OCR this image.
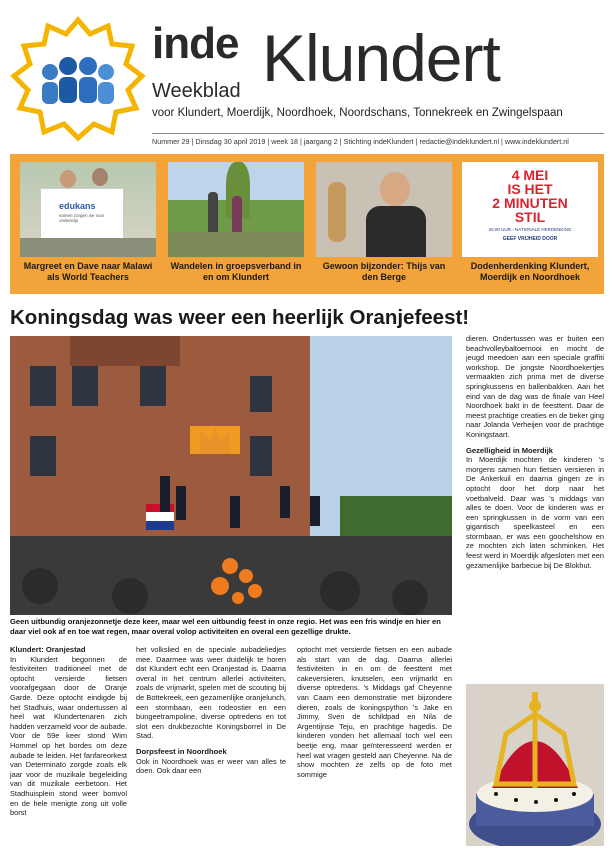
inde Klundert
Weekblad
voor Klundert, Moerdijk, Noordhoek, Noordschans, Tonnekreek en Zwingelspaan
Nummer 29 | Dinsdag 30 april 2019 | week 18 | jaargang 2 | Stichting indeKlundert | redactie@indeklundert.nl | www.indeklundert.nl
edukans
samen zorgen we voor onderwijs
Margreet en Dave naar Malawi als World Teachers
Wandelen in groepsverband in en om Klundert
Gewoon bijzonder: Thijs van den Berge
4 MEI
IS HET
2 MINUTEN
STIL
20.00 UUR - NATIONALE HERDENKING
GEEF VRIJHEID DOOR
Dodenherdenking Klundert, Moerdijk en Noordhoek
Koningsdag was weer een heerlijk Oranjefeest!
Geen uitbundig oranjezonnetje deze keer, maar wel een uitbundig feest in onze regio. Het was een fris windje en hier en daar viel ook af en toe wat regen, maar overal volop activiteiten en overal een gezellige drukte.
Klundert: Oranjestad

In Klundert begonnen de festiviteiten traditioneel met de optocht versierde fietsen voorafgegaan door de Oranje Garde. Deze optocht eindigde bij het Stadhuis, waar ondertussen al heel wat Klundertenaren zich hadden verzameld voor de aubade. Voor de 59e keer stond Wim Hommel op het bordes om deze aubade te leiden. Het fanfareorkest van Determinato zorgde zoals elk jaar voor de muzikale begeleiding van dit muzikale eerbetoon. Het Stadhuisplein stond weer bomvol en de hele menigte zong uit volle borst

het volkslied en de speciale aubadeliedjes mee. Daarmee was weer duidelijk te horen dat Klundert echt een Oranjestad is. Daarna overal in het centrum allerlei activiteiten, zoals de vrijmarkt, spelen met de scouting bij de Bottekreek, een gezamenlijke oranjelunch, een stormbaan, een rodeostier en een bungeetrampoline, diverse optredens en tot slot een drukbezochte Koningsborrel in De Stad.

Dorpsfeest in Noordhoek

Ook in Noordhoek was er weer van alles te doen. Ook daar een

optocht met versierde fietsen en een aubade als start van de dag. Daarna allerlei festiviteiten in en om de feesttent met cakeversieren, knutselen, een vrijmarkt en diverse optredens. 's Middags gaf Cheyenne van Caam een demonstratie met bijzondere dieren, zoals de koningspython 's Jake en Jimmy, Sven de schildpad en Nila de Argentijnse Teju, en prachtige hagedis. De kinderen vonden het allemaal toch wel een beetje eng, maar geïnteresseerd werden er heel wat vragen gesteld aan Cheyenne. Na de show mochten ze zelfs op de foto met sommige

dieren. Ondertussen was er buiten een beachvolleybaltoernooi en mocht de jeugd meedoen aan een speciale graffiti workshop. De jongste Noordhoekertjes vermaakten zich prima met de diverse springkussens en ballenbakken. Aan het eind van de dag was de finale van Heel Noordhoek bakt in de feesttent. Daar de meest prachtige creaties en de beker ging naar Jolanda Verheijen voor de prachtige Koningstaart.

Gezelligheid in Moerdijk

In Moerdijk mochten de kinderen 's morgens samen hun fietsen versieren in De Ankerkuil en daarna gingen ze in optocht door het dorp naar het voetbalveld. Daar was 's middags van alles te doen. Voor de kinderen was er een springkussen in de vorm van een gigantisch speelkasteel en een stormbaan, er was een goochelshow en ze mochten zich laten schminken. Het feest werd in Moerdijk afgesloten met een gezamenlijke barbecue bij De Blokhut.
